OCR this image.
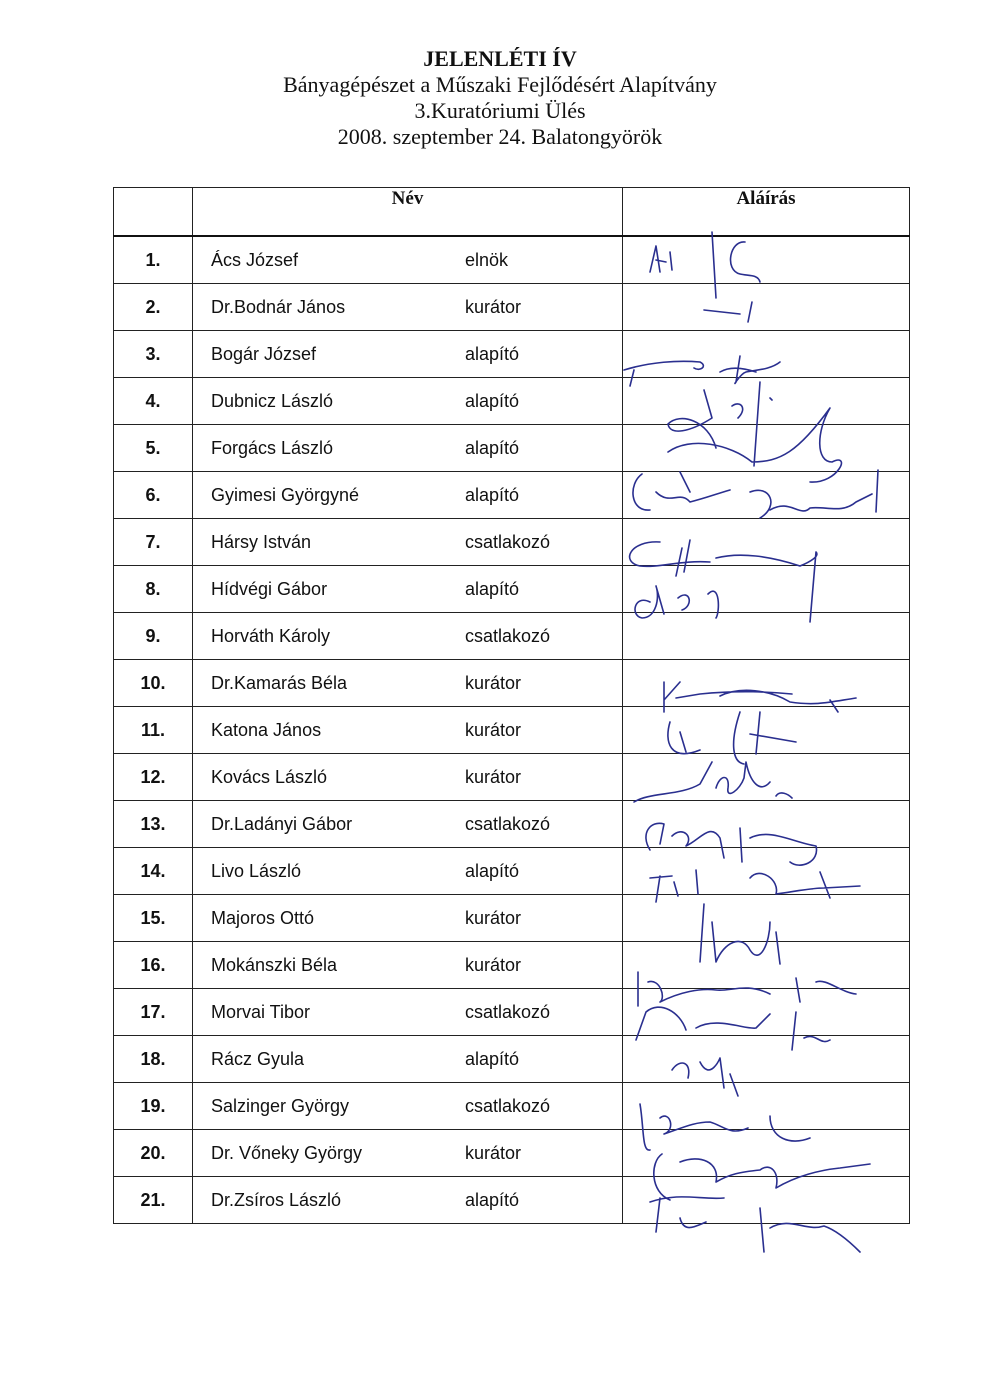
JELENLÉTI ÍV
Bányagépészet a Műszaki Fejlődésért Alapítvány
3.Kuratóriumi Ülés
2008. szeptember 24. Balatongyörök
	Név	Aláírás
1.	Ács József elnök	

2.	Dr.Bodnár János kurátor	

3.	Bogár József alapító	

4.	Dubnicz László alapító	

5.	Forgács László alapító	

6.	Gyimesi Györgyné alapító	

7.	Hársy István csatlakozó	

8.	Hídvégi Gábor alapító	

9.	Horváth Károly csatlakozó	

10.	Dr.Kamarás Béla kurátor	

11.	Katona János kurátor	

12.	Kovács László kurátor	

13.	Dr.Ladányi Gábor csatlakozó	

14.	Livo László alapító	

15.	Majoros Ottó kurátor	

16.	Mokánszki Béla kurátor	

17.	Morvai Tibor csatlakozó	

18.	Rácz Gyula alapító	

19.	Salzinger György csatlakozó	

20.	Dr. Vőneky György kurátor	

21.	Dr.Zsíros László alapító	
